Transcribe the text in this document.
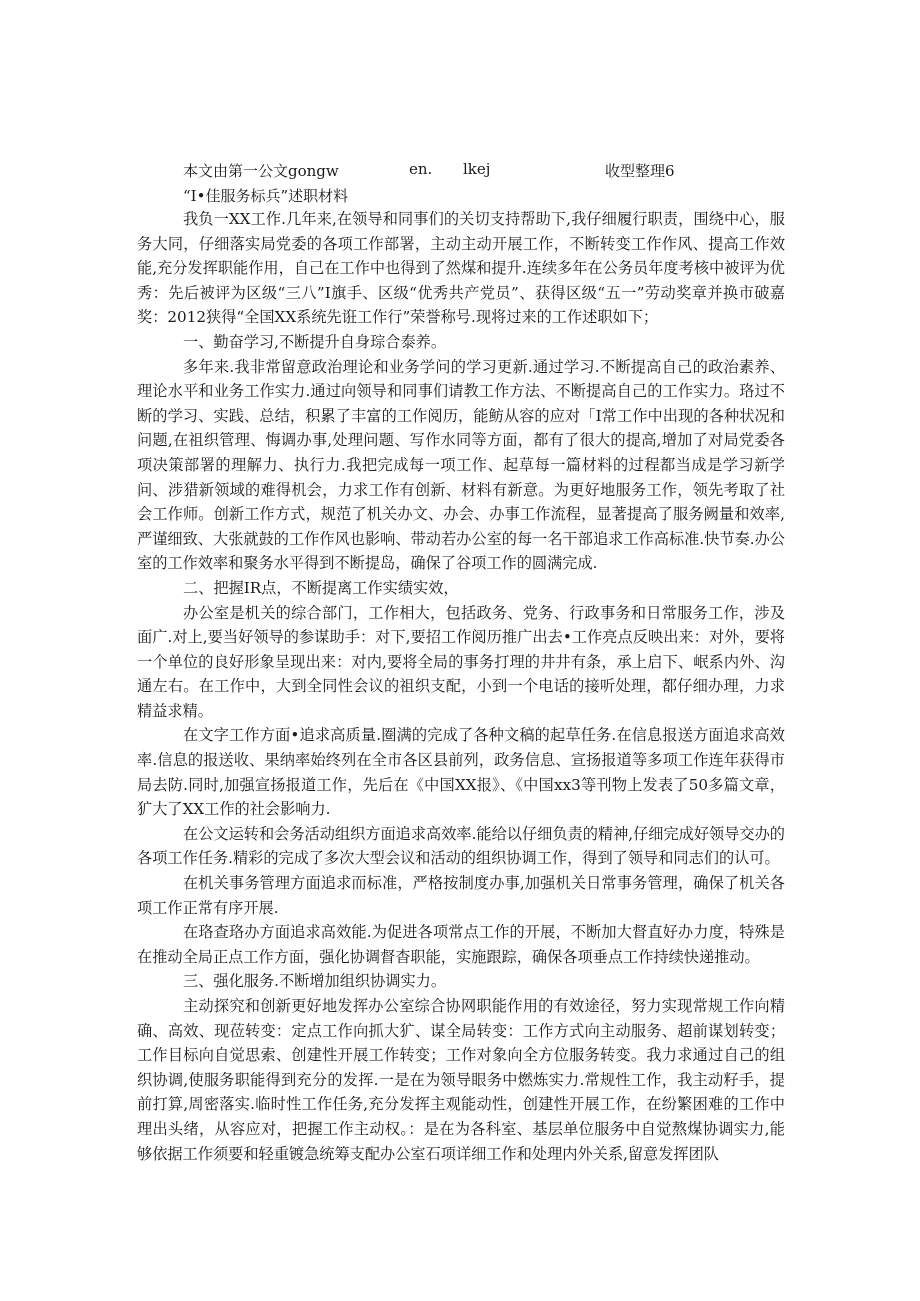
本文由第一公文gongw	en. lkej	收型整理6
“I•佳服务标兵”述职材料

我负一XX工作.几年来,在领导和同事们的关切支持帮助下,我仔细履行职责，围绕中心，服务大同，仔细落实局党委的各项工作部署，主动主动开展工作，不断转变工作作风、提高工作效能,充分发挥职能作用，自己在工作中也得到了然煤和提升.连续多年在公务员年度考核中被评为优秀：先后被评为区级“三八”I旗手、区级“优秀共产党员”、获得区级“五一”劳动奖章并换市破嘉奖：2012狭得“全国XX系统先诳工作行”荣誉称号.现将过来的工作述职如下；

一、勤奋学习,不断提升自身琮合泰养。

多年来.我非常留意政治理论和业务学问的学习更新.通过学习.不断提高自己的政治素养、理论水平和业务工作实力.通过向领导和同事们请教工作方法、不断提高自己的工作实力。珞过不断的学习、实践、总结，积累了丰富的工作阅历，能鲂从容的应对「I常工作中出现的各种状况和问题,在祖织管理、悔调办事,处理问题、写作水同等方面，都有了很大的提高,增加了对局党委各项决策部署的理解力、执行力.我把完成每一项工作、起草每一篇材料的过程都当成是学习新学问、涉猎新领域的难得机会，力求工作有创新、材料有新意。为更好地服务工作，领先考取了社会工作师。创新工作方式，规范了机关办文、办会、办事工作流程，显著提高了服务阙量和效率,严谨细致、大张就鼓的工作作风也影响、带动若办公室的每一名干部追求工作高标准.快节奏.办公室的工作效率和聚务水平得到不断提岛，确保了谷项工作的圆满完成.

二、把握IR点，不断提离工作实绩实效，

办公室是机关的综合部门，工作相大，包括政务、党务、行政事务和日常服务工作，涉及面广.对上,要当好领导的参谋助手：对下,要招工作阅历推广出去•工作亮点反映出来：对外，要将一个单位的良好形象呈现出来：对内,要将全局的事务打理的井井有条，承上启下、岷系内外、沟通左右。在工作中，大到全同性会议的祖织支配，小到一个电话的接听处理，都仔细办理，力求精益求精。

在文字工作方面•追求高质量.圈满的完成了各种文稿的起草任务.在信息报送方面追求高效率.信息的报送收、果纳率始终列在全市各区县前列，政务信息、宣扬报道等多项工作连年获得市局去防.同时,加强宣扬报道工作，先后在《中国XX报》、《中国xx3等刊物上发表了50多篇文章，犷大了XX工作的社会影响力.

在公文运转和会务活动组织方面追求高效率.能给以仔细负责的精神,仔细完成好领导交办的各项工作任务.精彩的完成了多次大型会议和活动的组织协调工作，得到了领导和同志们的认可。

在机关事务管理方面追求而标准，严格按制度办事,加强机关日常事务管理，确保了机关各项工作正常有序开展.

在珞查珞办方面追求高效能.为促进各项常点工作的开展，不断加大督直好办力度，特殊是在推动全局正点工作方面，强化协调督杳职能，实施跟踪，确保各项垂点工作持续快递推动。

三、强化服务.不断增加组织协调实力。

主动探究和创新更好地发挥办公室综合协网职能作用的有效途径，努力实现常规工作向精确、高效、现莅转变：定点工作向抓大犷、谋全局转变：工作方式向主动服务、超前谋划转变；工作目标向自觉思索、创建性开展工作转变；工作对象向全方位服务转变。我力求通过自己的组织协调,使服务职能得到充分的发挥.一是在为领导眼务中燃炼实力.常规性工作，我主动籽手，提前打算,周密落实.临时性工作任务,充分发挥主观能动性，创建性开展工作，在纷繁困难的工作中理出头绪，从容应对，把握工作主动权。：是在为各科室、基层单位服务中自觉熬煤协调实力,能够依据工作须要和轻重镀急统筹支配办公室石项详细工作和处理内外关系,留意发挥团队
